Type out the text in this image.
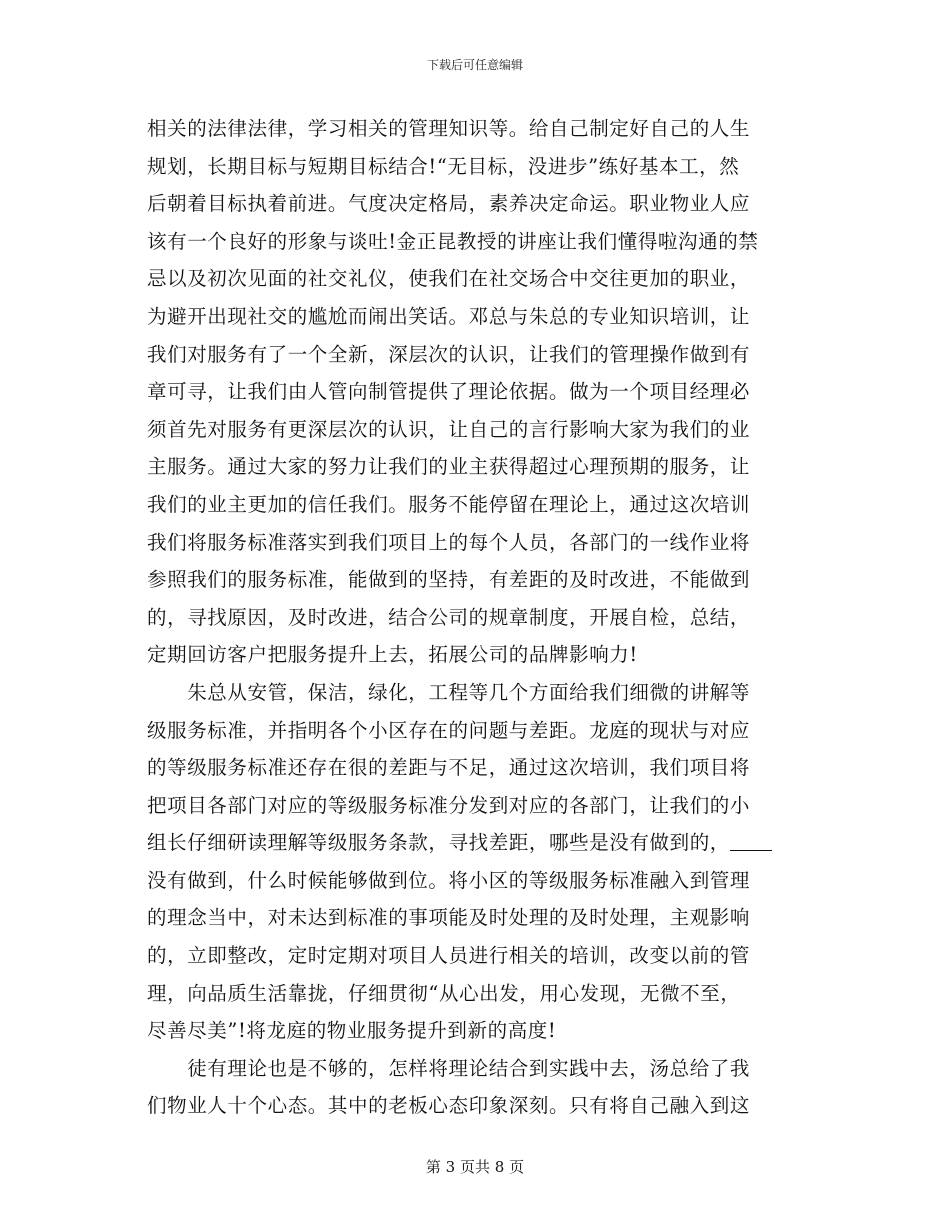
下载后可任意编辑
相关的法律法律，学习相关的管理知识等。给自己制定好自己的人生
规划，长期目标与短期目标结合!“无目标，没进步”练好基本工，然
后朝着目标执着前进。气度决定格局，素养决定命运。职业物业人应
该有一个良好的形象与谈吐!金正昆教授的讲座让我们懂得啦沟通的禁
忌以及初次见面的社交礼仪，使我们在社交场合中交往更加的职业，
为避开出现社交的尴尬而闹出笑话。邓总与朱总的专业知识培训，让
我们对服务有了一个全新，深层次的认识，让我们的管理操作做到有
章可寻，让我们由人管向制管提供了理论依据。做为一个项目经理必
须首先对服务有更深层次的认识，让自己的言行影响大家为我们的业
主服务。通过大家的努力让我们的业主获得超过心理预期的服务，让
我们的业主更加的信任我们。服务不能停留在理论上，通过这次培训
我们将服务标准落实到我们项目上的每个人员，各部门的一线作业将
参照我们的服务标准，能做到的坚持，有差距的及时改进，不能做到
的，寻找原因，及时改进，结合公司的规章制度，开展自检，总结，
定期回访客户把服务提升上去，拓展公司的品牌影响力!
　　朱总从安管，保洁，绿化，工程等几个方面给我们细微的讲解等
级服务标准，并指明各个小区存在的问题与差距。龙庭的现状与对应
的等级服务标准还存在很的差距与不足，通过这次培训，我们项目将
把项目各部门对应的等级服务标准分发到对应的各部门，让我们的小
组长仔细研读理解等级服务条款，寻找差距，哪些是没有做到的，
没有做到，什么时候能够做到位。将小区的等级服务标准融入到管理
的理念当中，对未达到标准的事项能及时处理的及时处理，主观影响
的，立即整改，定时定期对项目人员进行相关的培训，改变以前的管
理，向品质生活靠拢，仔细贯彻“从心出发，用心发现，无微不至，
尽善尽美”!将龙庭的物业服务提升到新的高度!
　　徒有理论也是不够的，怎样将理论结合到实践中去，汤总给了我
们物业人十个心态。其中的老板心态印象深刻。只有将自己融入到这
第 3 页共 8 页
